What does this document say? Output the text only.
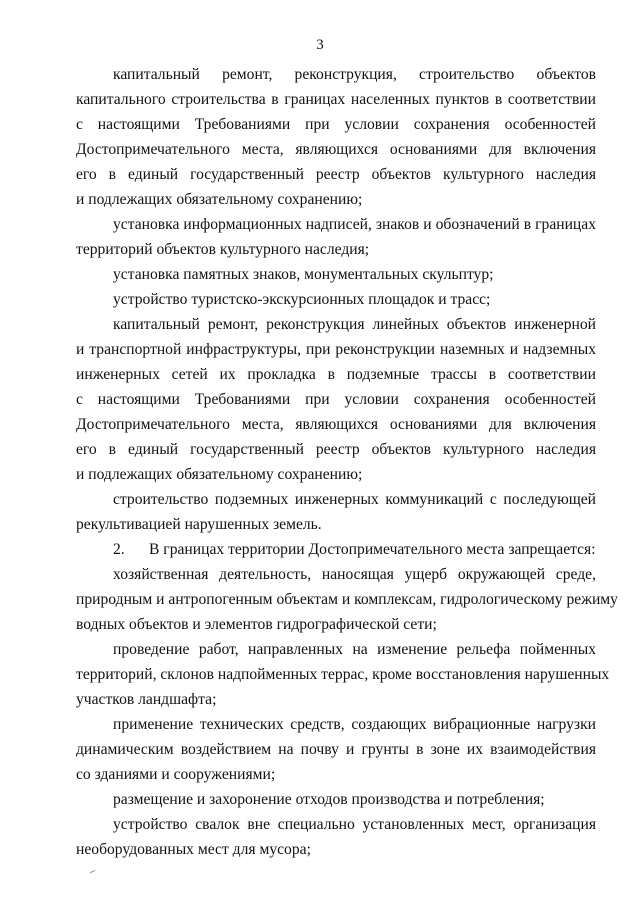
3
капитальный ремонт, реконструкция, строительство объектов
капитального строительства в границах населенных пунктов в соответствии
с настоящими Требованиями при условии сохранения особенностей
Достопримечательного места, являющихся основаниями для включения
его в единый государственный реестр объектов культурного наследия
и подлежащих обязательному сохранению;
установка информационных надписей, знаков и обозначений в границах
территорий объектов культурного наследия;
установка памятных знаков, монументальных скульптур;
устройство туристско-экскурсионных площадок и трасс;
капитальный ремонт, реконструкция линейных объектов инженерной
и транспортной инфраструктуры, при реконструкции наземных и надземных
инженерных сетей их прокладка в подземные трассы в соответствии
с настоящими Требованиями при условии сохранения особенностей
Достопримечательного места, являющихся основаниями для включения
его в единый государственный реестр объектов культурного наследия
и подлежащих обязательному сохранению;
строительство подземных инженерных коммуникаций с последующей
рекультивацией нарушенных земель.
2.	В границах территории Достопримечательного места запрещается:
хозяйственная деятельность, наносящая ущерб окружающей среде,
природным и антропогенным объектам и комплексам, гидрологическому режиму
водных объектов и элементов гидрографической сети;
проведение работ, направленных на изменение рельефа пойменных
территорий, склонов надпойменных террас, кроме восстановления нарушенных
участков ландшафта;
применение технических средств, создающих вибрационные нагрузки
динамическим воздействием на почву и грунты в зоне их взаимодействия
со зданиями и сооружениями;
размещение и захоронение отходов производства и потребления;
устройство свалок вне специально установленных мест, организация
необорудованных мест для мусора;
